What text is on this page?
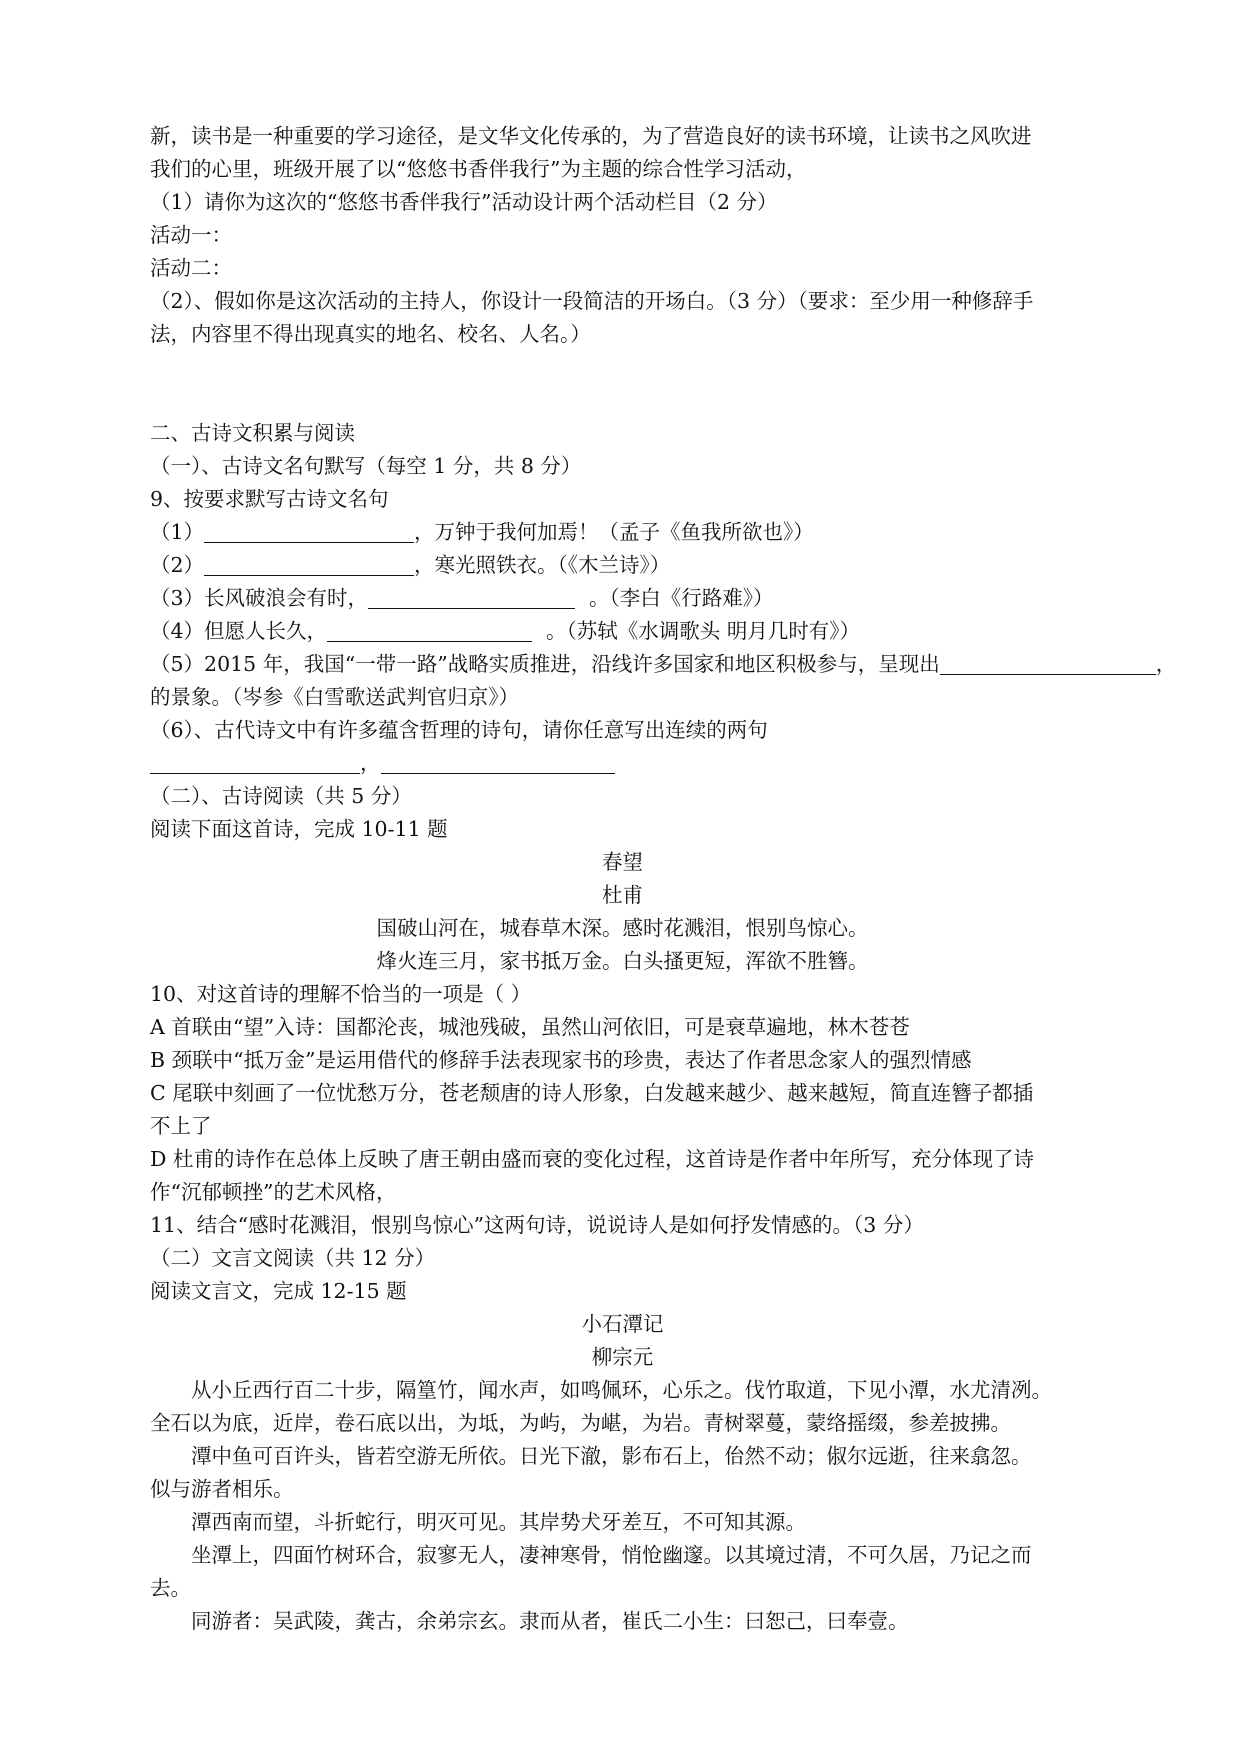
新，读书是一种重要的学习途径，是文华文化传承的，为了营造良好的读书环境，让读书之风吹进
我们的心里，班级开展了以“悠悠书香伴我行”为主题的综合性学习活动，
（1）请你为这次的“悠悠书香伴我行”活动设计两个活动栏目（2 分）
活动一：
活动二：
（2）、假如你是这次活动的主持人，你设计一段简洁的开场白。（3 分）（要求：至少用一种修辞手
法，内容里不得出现真实的地名、校名、人名。）
二、古诗文积累与阅读
（一）、古诗文名句默写（每空 1 分，共 8 分）
9、按要求默写古诗文名句
（1）	，万钟于我何加焉！（孟子《鱼我所欲也》）
（2）	，寒光照铁衣。（《木兰诗》）
（3）长风破浪会有时，	。（李白《行路难》）
（4）但愿人长久，	。（苏轼《水调歌头 明月几时有》）
（5）2015 年，我国“一带一路”战略实质推进，沿线许多国家和地区积极参与，呈现出	，
的景象。（岑参《白雪歌送武判官归京》）
（6）、古代诗文中有许多蕴含哲理的诗句，请你任意写出连续的两句
，
（二）、古诗阅读（共 5 分）
阅读下面这首诗，完成 10-11 题
春望
杜甫
国破山河在，城春草木深。感时花溅泪，恨别鸟惊心。
烽火连三月，家书抵万金。白头搔更短，浑欲不胜簪。
10、对这首诗的理解不恰当的一项是（ ）
A 首联由“望”入诗：国都沦丧，城池残破，虽然山河依旧，可是衰草遍地，林木苍苍
B 颈联中“抵万金”是运用借代的修辞手法表现家书的珍贵，表达了作者思念家人的强烈情感
C 尾联中刻画了一位忧愁万分，苍老颓唐的诗人形象，白发越来越少、越来越短，简直连簪子都插
不上了
D 杜甫的诗作在总体上反映了唐王朝由盛而衰的变化过程，这首诗是作者中年所写，充分体现了诗
作“沉郁顿挫”的艺术风格，
11、结合“感时花溅泪，恨别鸟惊心”这两句诗，说说诗人是如何抒发情感的。（3 分）
（二）文言文阅读（共 12 分）
阅读文言文，完成 12-15 题
小石潭记
柳宗元
从小丘西行百二十步，隔篁竹，闻水声，如鸣佩环，心乐之。伐竹取道，下见小潭，水尤清冽。
全石以为底，近岸，卷石底以出，为坻，为屿，为嵁，为岩。青树翠蔓，蒙络摇缀，参差披拂。
潭中鱼可百许头，皆若空游无所依。日光下澈，影布石上，佁然不动；俶尔远逝，往来翕忽。
似与游者相乐。
潭西南而望，斗折蛇行，明灭可见。其岸势犬牙差互，不可知其源。
坐潭上，四面竹树环合，寂寥无人，凄神寒骨，悄怆幽邃。以其境过清，不可久居，乃记之而
去。
同游者：吴武陵，龚古，余弟宗玄。隶而从者，崔氏二小生：曰恕己，曰奉壹。
